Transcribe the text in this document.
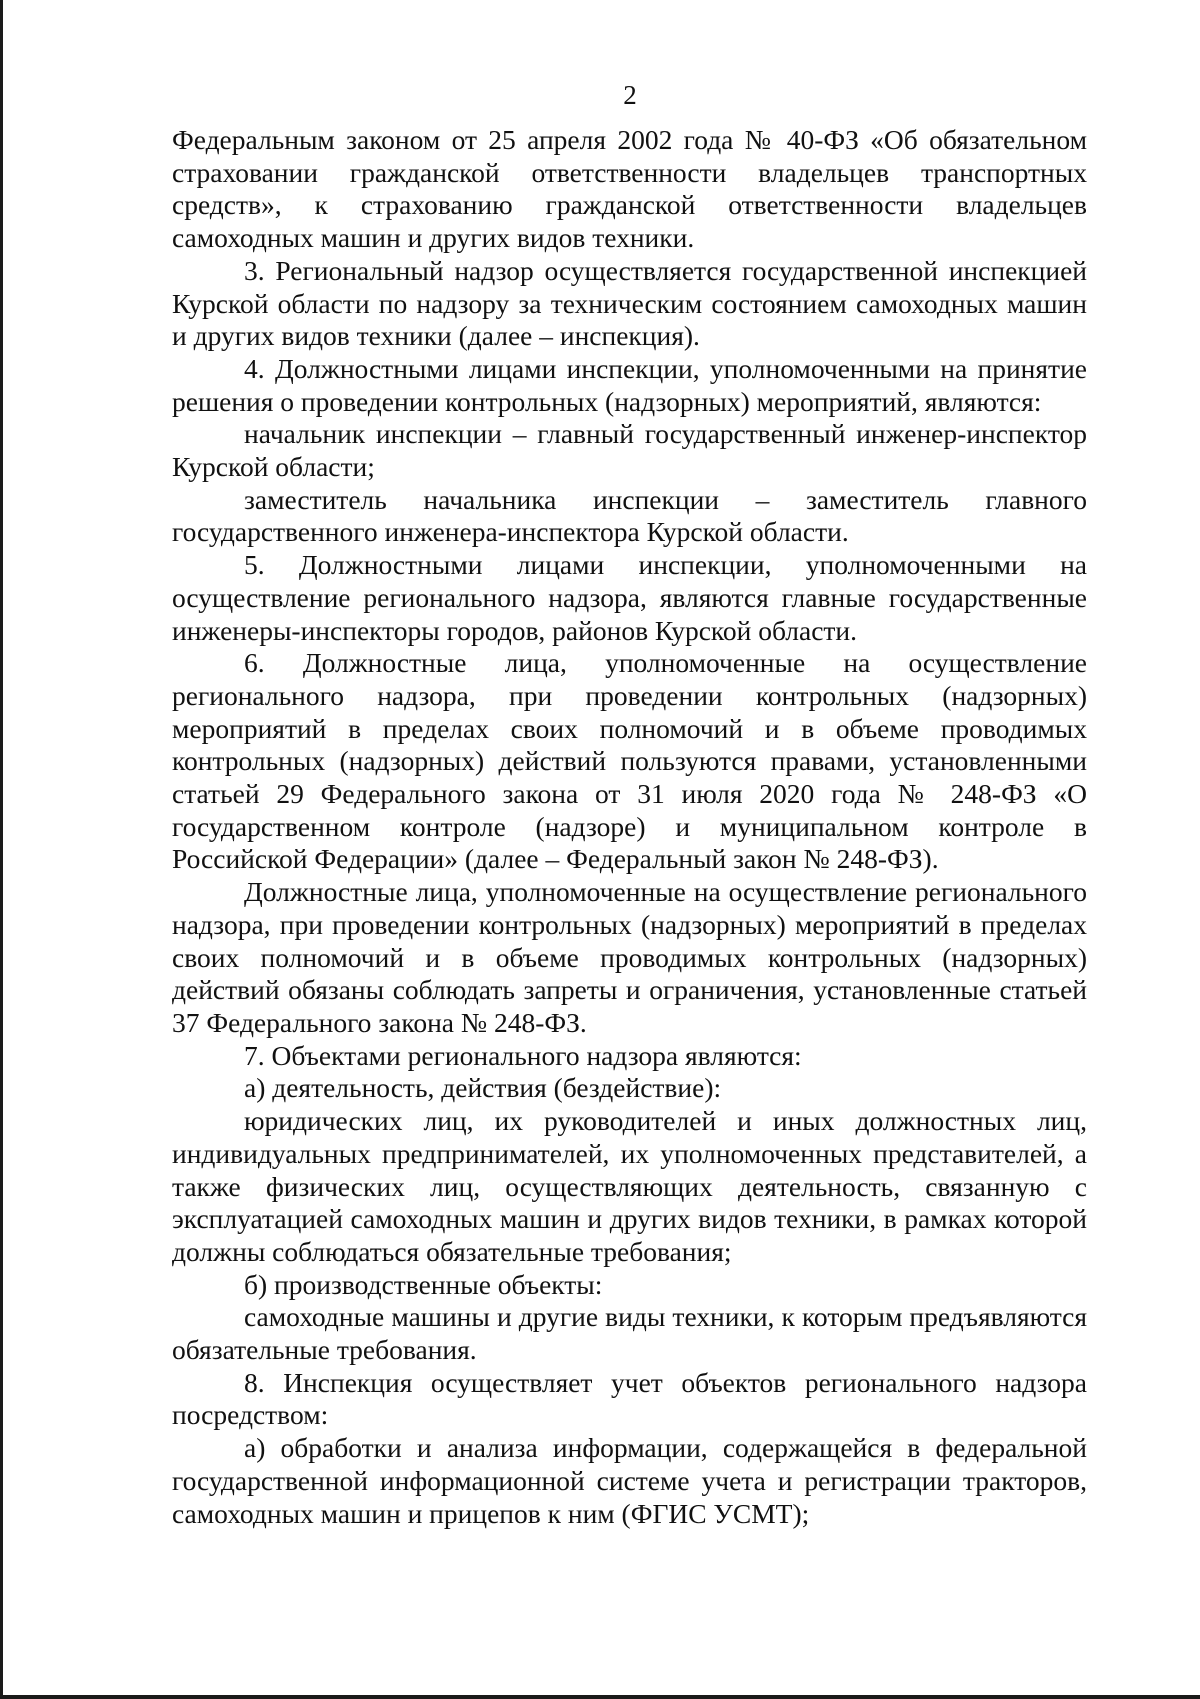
2

Федеральным законом от 25 апреля 2002 года № 40-ФЗ «Об обязательном страховании гражданской ответственности владельцев транспортных средств», к страхованию гражданской ответственности владельцев самоходных машин и других видов техники.

3. Региональный надзор осуществляется государственной инспекцией Курской области по надзору за техническим состоянием самоходных машин и других видов техники (далее – инспекция).

4. Должностными лицами инспекции, уполномоченными на принятие решения о проведении контрольных (надзорных) мероприятий, являются:

начальник инспекции – главный государственный инженер-инспектор Курской области;

заместитель начальника инспекции – заместитель главного государственного инженера-инспектора Курской области.

5. Должностными лицами инспекции, уполномоченными на осуществление регионального надзора, являются главные государственные инженеры-инспекторы городов, районов Курской области.

6. Должностные лица, уполномоченные на осуществление регионального надзора, при проведении контрольных (надзорных) мероприятий в пределах своих полномочий и в объеме проводимых контрольных (надзорных) действий пользуются правами, установленными статьей 29 Федерального закона от 31 июля 2020 года № 248-ФЗ «О государственном контроле (надзоре) и муниципальном контроле в Российской Федерации» (далее – Федеральный закон № 248-ФЗ).

Должностные лица, уполномоченные на осуществление регионального надзора, при проведении контрольных (надзорных) мероприятий в пределах своих полномочий и в объеме проводимых контрольных (надзорных) действий обязаны соблюдать запреты и ограничения, установленные статьей 37 Федерального закона № 248-ФЗ.

7. Объектами регионального надзора являются:

а) деятельность, действия (бездействие):

юридических лиц, их руководителей и иных должностных лиц, индивидуальных предпринимателей, их уполномоченных представителей, а также физических лиц, осуществляющих деятельность, связанную с эксплуатацией самоходных машин и других видов техники, в рамках которой должны соблюдаться обязательные требования;

б) производственные объекты:

самоходные машины и другие виды техники, к которым предъявляются обязательные требования.

8. Инспекция осуществляет учет объектов регионального надзора посредством:

а) обработки и анализа информации, содержащейся в федеральной государственной информационной системе учета и регистрации тракторов, самоходных машин и прицепов к ним (ФГИС УСМТ);
